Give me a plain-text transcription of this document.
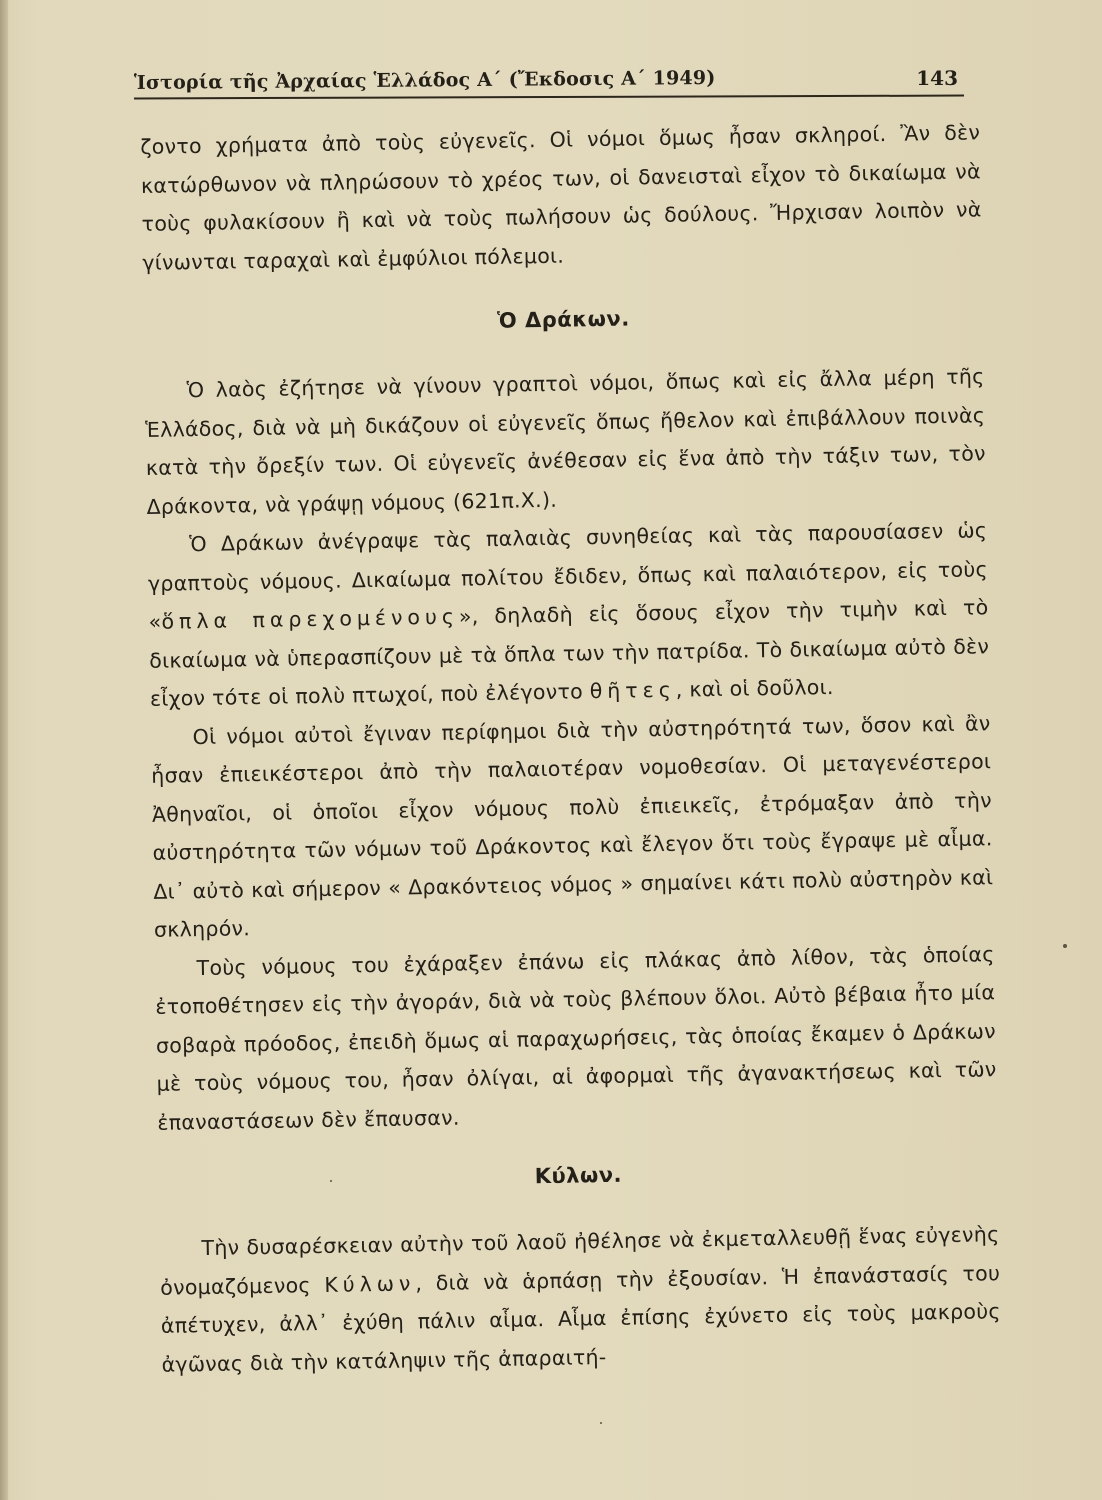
Ἱστορία τῆς Ἀρχαίας Ἑλλάδος Α΄ (Ἔκδοσις Α΄ 1949)	143

ζοντο χρήματα ἀπὸ τοὺς εὐγενεῖς. Οἱ νόμοι ὅμως ἦσαν σκληροί. Ἂν δὲν κατώρθωνον νὰ πληρώσουν τὸ χρέος των, οἱ δανεισταὶ εἶχον τὸ δικαίωμα νὰ τοὺς φυλακίσουν ἢ καὶ νὰ τοὺς πωλήσουν ὡς δούλους. Ἤρχισαν λοιπὸν νὰ γίνωνται ταραχαὶ καὶ ἐμφύλιοι πόλεμοι.

Ὁ Δράκων.

Ὁ λαὸς ἐζήτησε νὰ γίνουν γραπτοὶ νόμοι, ὅπως καὶ εἰς ἄλλα μέρη τῆς Ἑλλάδος, διὰ νὰ μὴ δικάζουν οἱ εὐγενεῖς ὅπως ἤθελον καὶ ἐπιβάλλουν ποινὰς κατὰ τὴν ὄρεξίν των. Οἱ εὐγενεῖς ἀνέθεσαν εἰς ἕνα ἀπὸ τὴν τάξιν των, τὸν Δράκοντα, νὰ γράψῃ νόμους (621π.Χ.).

Ὁ Δράκων ἀνέγραψε τὰς παλαιὰς συνηθείας καὶ τὰς παρουσίασεν ὡς γραπτοὺς νόμους. Δικαίωμα πολίτου ἔδιδεν, ὅπως καὶ παλαιότερον, εἰς τοὺς «ὅπλα παρεχομένους», δηλαδὴ εἰς ὅσους εἶχον τὴν τιμὴν καὶ τὸ δικαίωμα νὰ ὑπερασπίζουν μὲ τὰ ὅπλα των τὴν πατρίδα. Τὸ δικαίωμα αὐτὸ δὲν εἶχον τότε οἱ πολὺ πτωχοί, ποὺ ἐλέγοντο θῆτες, καὶ οἱ δοῦλοι.

Οἱ νόμοι αὐτοὶ ἔγιναν περίφημοι διὰ τὴν αὐστηρότητά των, ὅσον καὶ ἂν ἦσαν ἐπιεικέστεροι ἀπὸ τὴν παλαιοτέραν νομοθεσίαν. Οἱ μεταγενέστεροι Ἀθηναῖοι, οἱ ὁποῖοι εἶχον νόμους πολὺ ἐπιεικεῖς, ἐτρόμαξαν ἀπὸ τὴν αὐστηρότητα τῶν νόμων τοῦ Δράκοντος καὶ ἔλεγον ὅτι τοὺς ἔγραψε μὲ αἷμα. Δι᾽ αὐτὸ καὶ σήμερον « Δρακόντειος νόμος » σημαίνει κάτι πολὺ αὐστηρὸν καὶ σκληρόν.

Τοὺς νόμους του ἐχάραξεν ἐπάνω εἰς πλάκας ἀπὸ λίθον, τὰς ὁποίας ἐτοποθέτησεν εἰς τὴν ἀγοράν, διὰ νὰ τοὺς βλέπουν ὅλοι. Αὐτὸ βέβαια ἦτο μία σοβαρὰ πρόοδος, ἐπειδὴ ὅμως αἱ παραχωρήσεις, τὰς ὁποίας ἔκαμεν ὁ Δράκων μὲ τοὺς νόμους του, ἦσαν ὀλίγαι, αἱ ἀφορμαὶ τῆς ἀγανακτήσεως καὶ τῶν ἐπαναστάσεων δὲν ἔπαυσαν.

Κύλων.

Τὴν δυσαρέσκειαν αὐτὴν τοῦ λαοῦ ἠθέλησε νὰ ἐκμεταλλευθῇ ἕνας εὐγενὴς ὀνομαζόμενος Κύλων, διὰ νὰ ἁρπάσῃ τὴν ἐξουσίαν. Ἡ ἐπανάστασίς του ἀπέτυχεν, ἀλλ᾽ ἐχύθη πάλιν αἷμα. Αἷμα ἐπίσης ἐχύνετο εἰς τοὺς μακροὺς ἀγῶνας διὰ τὴν κατάληψιν τῆς ἀπαραιτή-
